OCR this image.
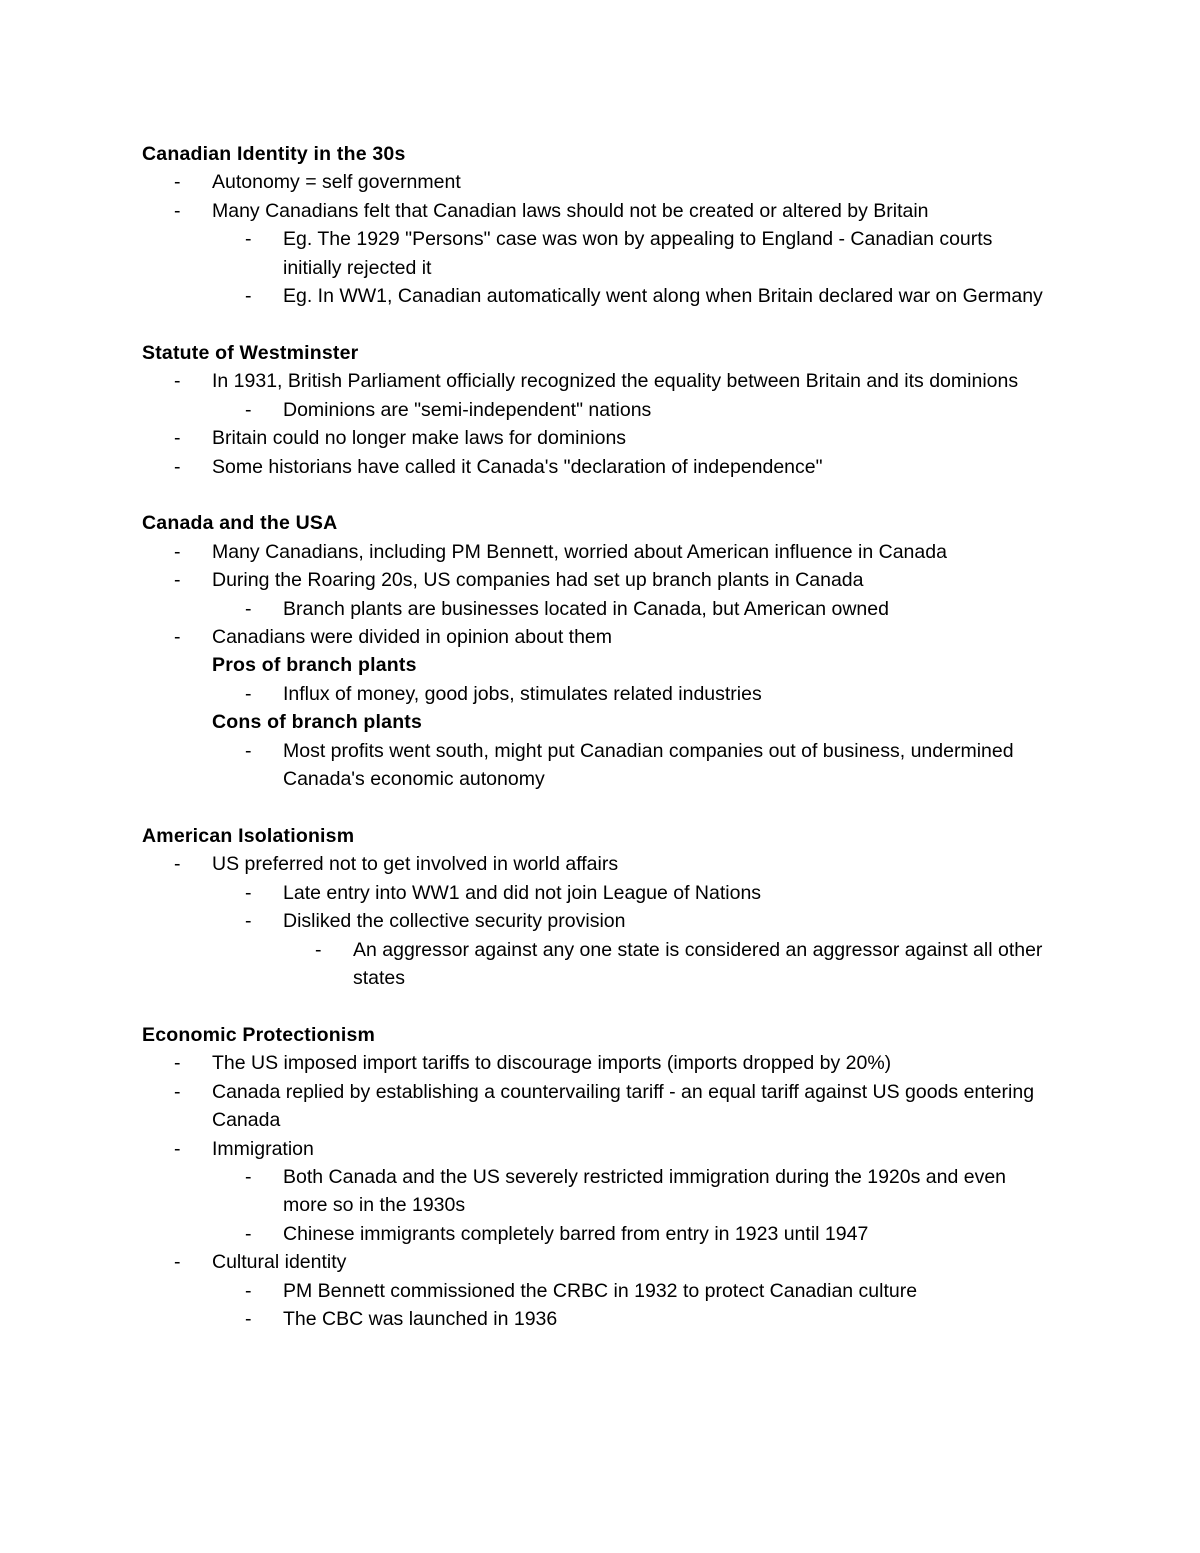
Canadian Identity in the 30s
- Autonomy = self government
- Many Canadians felt that Canadian laws should not be created or altered by Britain
- Eg. The 1929 "Persons" case was won by appealing to England - Canadian courts initially rejected it
- Eg. In WW1, Canadian automatically went along when Britain declared war on Germany
Statute of Westminster
- In 1931, British Parliament officially recognized the equality between Britain and its dominions
- Dominions are "semi-independent" nations
- Britain could no longer make laws for dominions
- Some historians have called it Canada's "declaration of independence"
Canada and the USA
- Many Canadians, including PM Bennett, worried about American influence in Canada
- During the Roaring 20s, US companies had set up branch plants in Canada
- Branch plants are businesses located in Canada, but American owned
- Canadians were divided in opinion about them
Pros of branch plants
- Influx of money, good jobs, stimulates related industries
Cons of branch plants
- Most profits went south, might put Canadian companies out of business, undermined Canada's economic autonomy
American Isolationism
- US preferred not to get involved in world affairs
- Late entry into WW1 and did not join League of Nations
- Disliked the collective security provision
- An aggressor against any one state is considered an aggressor against all other states
Economic Protectionism
- The US imposed import tariffs to discourage imports (imports dropped by 20%)
- Canada replied by establishing a countervailing tariff - an equal tariff against US goods entering Canada
- Immigration
- Both Canada and the US severely restricted immigration during the 1920s and even more so in the 1930s
- Chinese immigrants completely barred from entry in 1923 until 1947
- Cultural identity
- PM Bennett commissioned the CRBC in 1932 to protect Canadian culture
- The CBC was launched in 1936
